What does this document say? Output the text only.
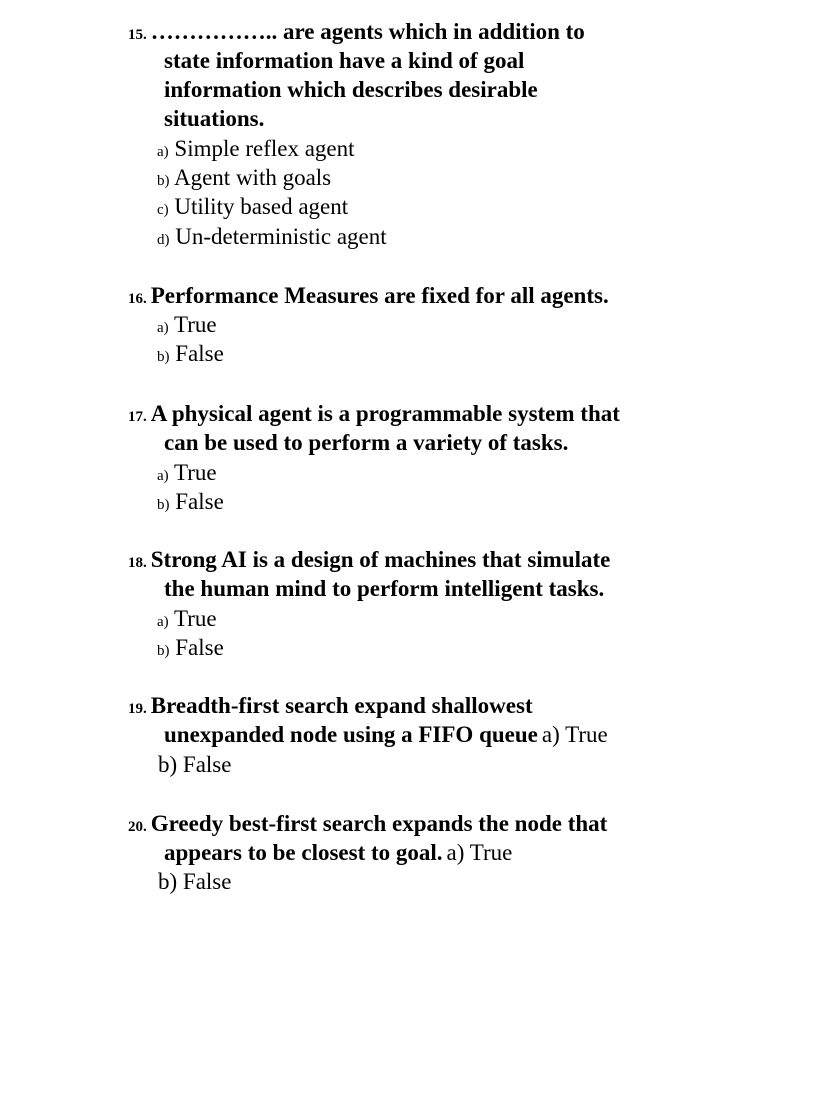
15. …………….. are agents which in addition to
state information have a kind of goal
information which describes desirable
situations.
a) Simple reflex agent
b) Agent with goals
c) Utility based agent
d) Un-deterministic agent
16. Performance Measures are fixed for all agents.
a) True
b) False
17. A physical agent is a programmable system that
can be used to perform a variety of tasks.
a) True
b) False
18. Strong AI is a design of machines that simulate
the human mind to perform intelligent tasks.
a) True
b) False
19. Breadth-first search expand shallowest
unexpanded node using a FIFO queue a) True
b) False
20. Greedy best-first search expands the node that
appears to be closest to goal. a) True
b) False
